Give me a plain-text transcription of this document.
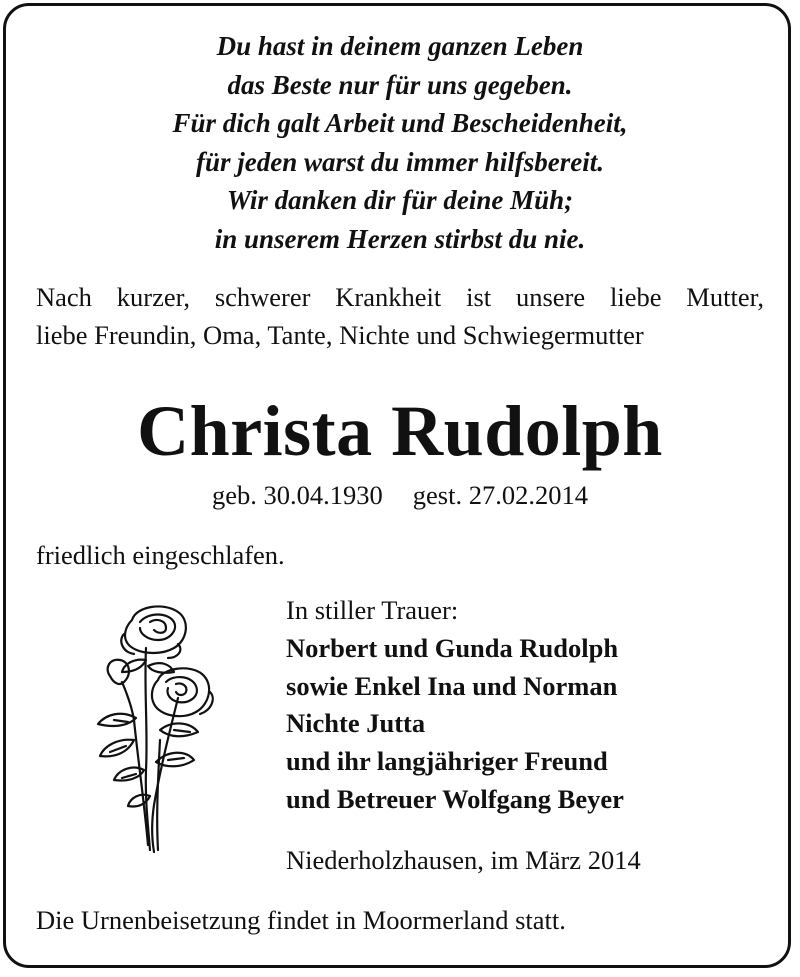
Du hast in deinem ganzen Leben
das Beste nur für uns gegeben.
Für dich galt Arbeit und Bescheidenheit,
für jeden warst du immer hilfsbereit.
Wir danken dir für deine Müh;
in unserem Herzen stirbst du nie.
Nach kurzer, schwerer Krankheit ist unsere liebe Mutter,
liebe Freundin, Oma, Tante, Nichte und Schwiegermutter
Christa Rudolph
geb. 30.04.1930 gest. 27.02.2014
friedlich eingeschlafen.
In stiller Trauer:
Norbert und Gunda Rudolph
sowie Enkel Ina und Norman
Nichte Jutta
und ihr langjähriger Freund
und Betreuer Wolfgang Beyer
Niederholzhausen, im März 2014
Die Urnenbeisetzung findet in Moormerland statt.
